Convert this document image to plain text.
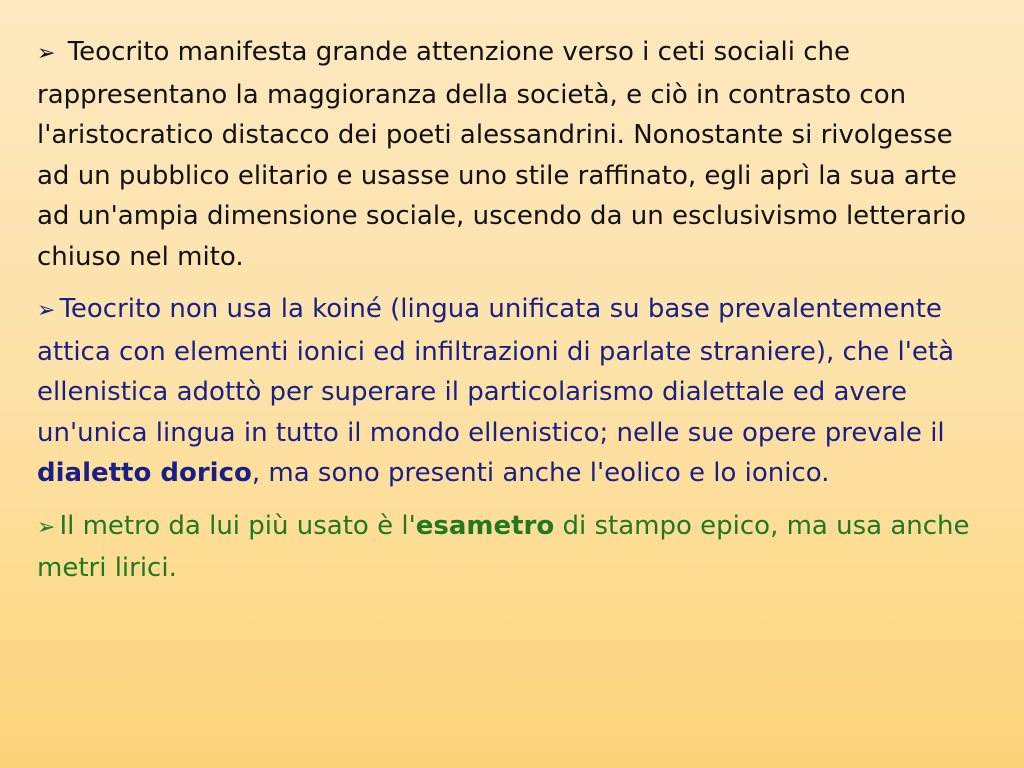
➢ Teocrito manifesta grande attenzione verso i ceti sociali che rappresentano la maggioranza della società, e ciò in contrasto con l'aristocratico distacco dei poeti alessandrini. Nonostante si rivolgesse ad un pubblico elitario e usasse uno stile raffinato, egli aprì la sua arte ad un'ampia dimensione sociale, uscendo da un esclusivismo letterario chiuso nel mito.

➢ Teocrito non usa la koiné (lingua unificata su base prevalentemente attica con elementi ionici ed infiltrazioni di parlate straniere), che l'età ellenistica adottò per superare il particolarismo dialettale ed avere un'unica lingua in tutto il mondo ellenistico; nelle sue opere prevale il dialetto dorico, ma sono presenti anche l'eolico e lo ionico.

➢ Il metro da lui più usato è l'esametro di stampo epico, ma usa anche metri lirici.
